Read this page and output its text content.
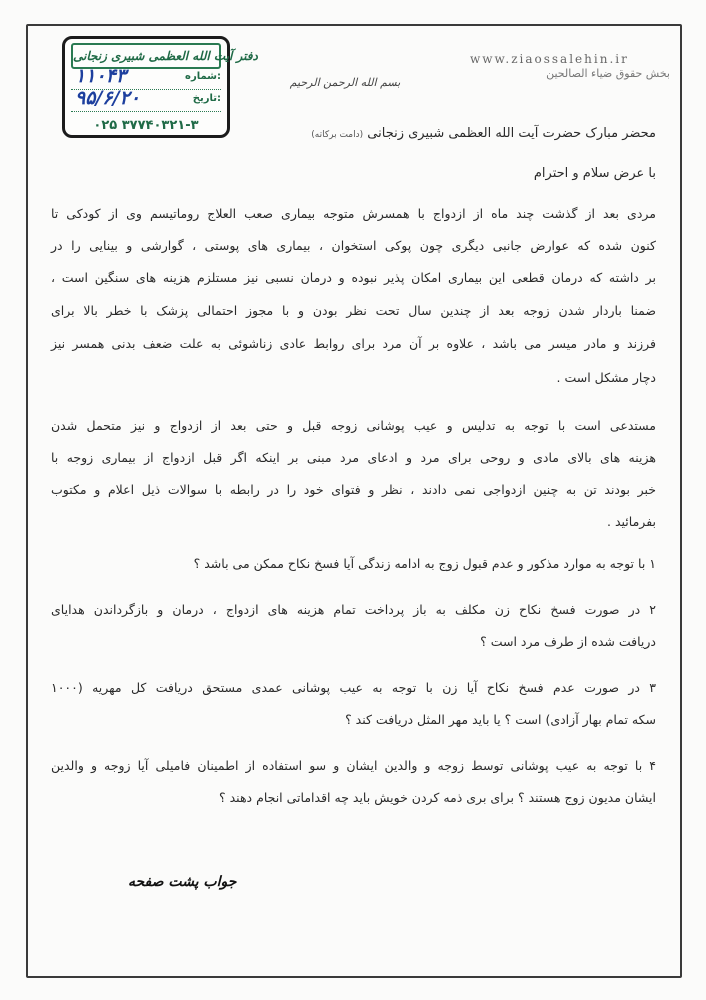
دفتر آیت الله العظمی شبیری زنجانی
شماره:
۱۱۰۴۳
تاریخ:
۹۵/۶/۲۰
۰۲۵ ۳۷۷۴۰۳۲۱-۳
www.ziaossalehin.ir
بخش حقوق ضیاء الصالحین
بسم الله الرحمن الرحیم
محضر مبارک حضرت آیت الله العظمی شبیری زنجانی (دامت برکاته)
با عرض سلام و احترام
مردی بعد از گذشت چند ماه از ازدواج با همسرش متوجه بیماری صعب العلاج روماتیسم وی از کودکی تا
کنون شده که عوارض جانبی دیگری چون پوکی استخوان ، بیماری های پوستی ، گوارشی و بینایی را در
بر داشته که درمان قطعی این بیماری امکان پذیر نبوده و درمان نسبی نیز مستلزم هزینه های سنگین است ،
ضمنا باردار شدن زوجه بعد از چندین سال تحت نظر بودن و با مجوز احتمالی پزشک با خطر بالا برای
فرزند و مادر میسر می باشد ، علاوه بر آن مرد برای روابط عادی زناشوئی به علت ضعف بدنی همسر نیز
دچار مشکل است .
مستدعی است با توجه به تدلیس و عیب پوشانی زوجه قبل و حتی بعد از ازدواج و نیز متحمل شدن
هزینه های بالای مادی و روحی برای مرد و ادعای مرد مبنی بر اینکه اگر قبل ازدواج از بیماری زوجه با
خبر بودند تن به چنین ازدواجی نمی دادند ، نظر و فتوای خود را در رابطه با سوالات ذیل اعلام و مکتوب
بفرمائید .
۱ با توجه به موارد مذکور و عدم قبول زوج به ادامه زندگی آیا فسخ نکاح ممکن می باشد ؟
۲ در صورت فسخ نکاح زن مکلف به باز پرداخت تمام هزینه های ازدواج ، درمان و بازگرداندن هدایای
دریافت شده از طرف مرد است ؟
۳ در صورت عدم فسخ نکاح آیا زن با توجه به عیب پوشانی عمدی مستحق دریافت کل مهریه (۱۰۰۰
سکه تمام بهار آزادی) است ؟ یا باید مهر المثل دریافت کند ؟
۴ با توجه به عیب پوشانی توسط زوجه و والدین ایشان و سو استفاده از اطمینان فامیلی آیا زوجه و والدین
ایشان مدیون زوج هستند ؟ برای بری ذمه کردن خویش باید چه اقداماتی انجام دهند ؟
جواب پشت صفحه
